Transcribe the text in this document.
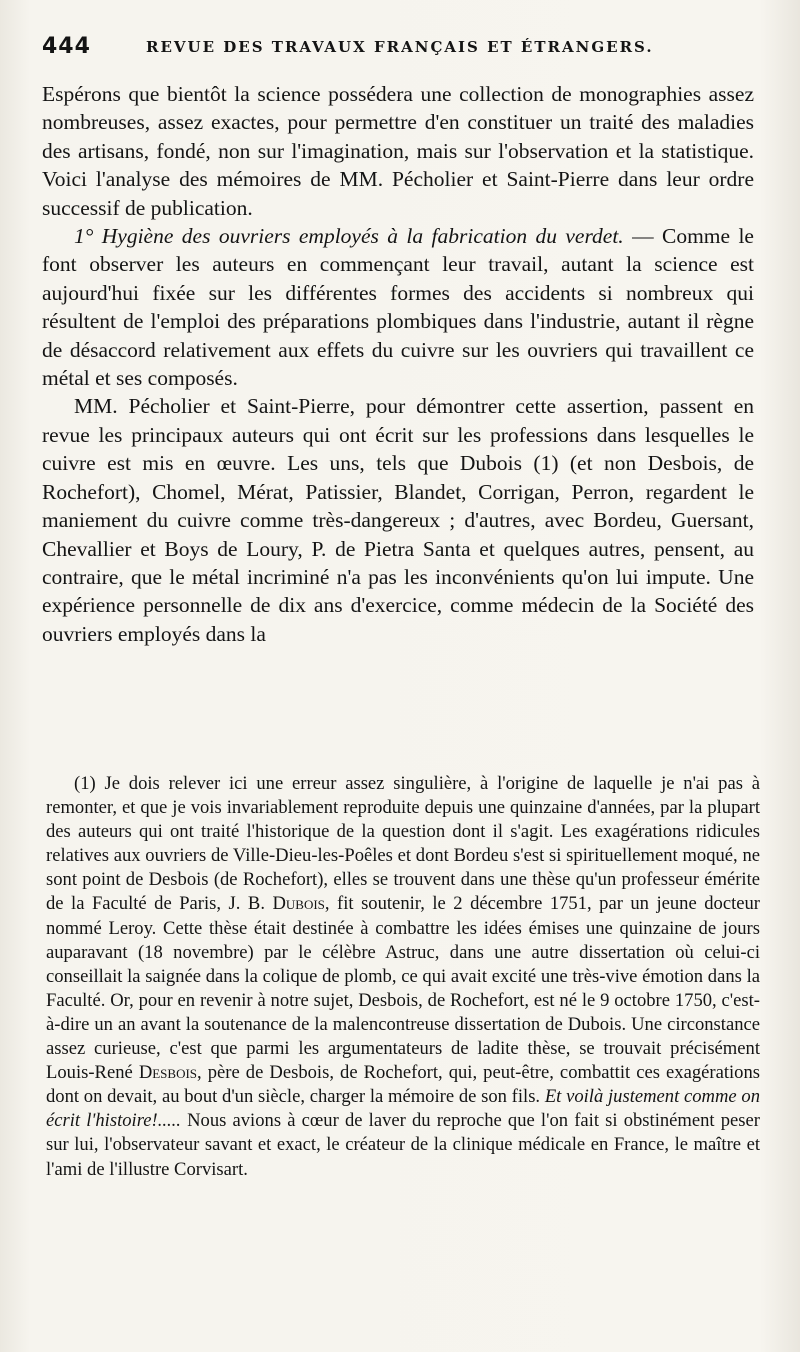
444	REVUE DES TRAVAUX FRANÇAIS ET ÉTRANGERS.

Espérons que bientôt la science possédera une collection de monographies assez nombreuses, assez exactes, pour permettre d'en constituer un traité des maladies des artisans, fondé, non sur l'imagination, mais sur l'observation et la statistique. Voici l'analyse des mémoires de MM. Pécholier et Saint-Pierre dans leur ordre successif de publication.

1° Hygiène des ouvriers employés à la fabrication du verdet. — Comme le font observer les auteurs en commençant leur travail, autant la science est aujourd'hui fixée sur les différentes formes des accidents si nombreux qui résultent de l'emploi des préparations plombiques dans l'industrie, autant il règne de désaccord relativement aux effets du cuivre sur les ouvriers qui travaillent ce métal et ses composés.

MM. Pécholier et Saint-Pierre, pour démontrer cette assertion, passent en revue les principaux auteurs qui ont écrit sur les professions dans lesquelles le cuivre est mis en œuvre. Les uns, tels que Dubois (1) (et non Desbois, de Rochefort), Chomel, Mérat, Patissier, Blandet, Corrigan, Perron, regardent le maniement du cuivre comme très-dangereux ; d'autres, avec Bordeu, Guersant, Chevallier et Boys de Loury, P. de Pietra Santa et quelques autres, pensent, au contraire, que le métal incriminé n'a pas les inconvénients qu'on lui impute. Une expérience personnelle de dix ans d'exercice, comme médecin de la Société des ouvriers employés dans la

(1) Je dois relever ici une erreur assez singulière, à l'origine de laquelle je n'ai pas à remonter, et que je vois invariablement reproduite depuis une quinzaine d'années, par la plupart des auteurs qui ont traité l'historique de la question dont il s'agit. Les exagérations ridicules relatives aux ouvriers de Ville-Dieu-les-Poêles et dont Bordeu s'est si spirituellement moqué, ne sont point de Desbois (de Rochefort), elles se trouvent dans une thèse qu'un professeur émérite de la Faculté de Paris, J. B. Dubois, fit soutenir, le 2 décembre 1751, par un jeune docteur nommé Leroy. Cette thèse était destinée à combattre les idées émises une quinzaine de jours auparavant (18 novembre) par le célèbre Astruc, dans une autre dissertation où celui-ci conseillait la saignée dans la colique de plomb, ce qui avait excité une très-vive émotion dans la Faculté. Or, pour en revenir à notre sujet, Desbois, de Rochefort, est né le 9 octobre 1750, c'est-à-dire un an avant la soutenance de la malencontreuse dissertation de Dubois. Une circonstance assez curieuse, c'est que parmi les argumentateurs de ladite thèse, se trouvait précisément Louis-René Desbois, père de Desbois, de Rochefort, qui, peut-être, combattit ces exagérations dont on devait, au bout d'un siècle, charger la mémoire de son fils. Et voilà justement comme on écrit l'histoire!..... Nous avions à cœur de laver du reproche que l'on fait si obstinément peser sur lui, l'observateur savant et exact, le créateur de la clinique médicale en France, le maître et l'ami de l'illustre Corvisart.
